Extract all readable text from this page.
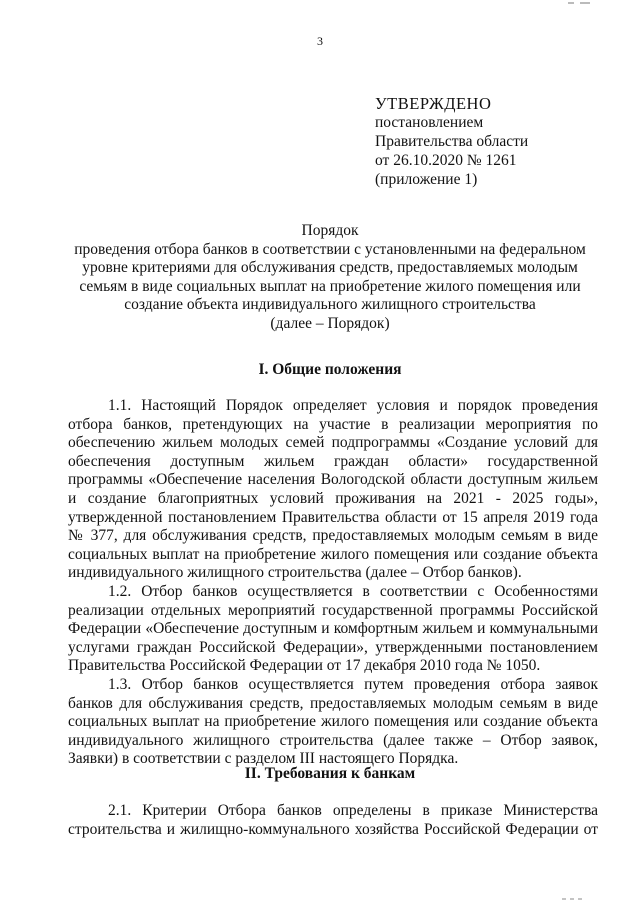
3
УТВЕРЖДЕНО
постановлением
Правительства области
от 26.10.2020 № 1261
(приложение 1)
Порядок
проведения отбора банков в соответствии с установленными на федеральном
уровне критериями для обслуживания средств, предоставляемых молодым
семьям в виде социальных выплат на приобретение жилого помещения или
создание объекта индивидуального жилищного строительства
(далее – Порядок)
I. Общие положения

1.1. Настоящий Порядок определяет условия и порядок проведения отбора банков, претендующих на участие в реализации мероприятия по обеспечению жильем молодых семей подпрограммы «Создание условий для обеспечения доступным жильем граждан области» государственной программы «Обеспечение населения Вологодской области доступным жильем и создание благоприятных условий проживания на 2021 - 2025 годы», утвержденной постановлением Правительства области от 15 апреля 2019 года № 377, для обслуживания средств, предоставляемых молодым семьям в виде социальных выплат на приобретение жилого помещения или создание объекта индивидуального жилищного строительства (далее – Отбор банков).

1.2. Отбор банков осуществляется в соответствии с Особенностями реализации отдельных мероприятий государственной программы Российской Федерации «Обеспечение доступным и комфортным жильем и коммунальными услугами граждан Российской Федерации», утвержденными постановлением Правительства Российской Федерации от 17 декабря 2010 года № 1050.

1.3. Отбор банков осуществляется путем проведения отбора заявок банков для обслуживания средств, предоставляемых молодым семьям в виде социальных выплат на приобретение жилого помещения или создание объекта индивидуального жилищного строительства (далее также – Отбор заявок, Заявки) в соответствии с разделом III настоящего Порядка.

II. Требования к банкам

2.1. Критерии Отбора банков определены в приказе Министерства строительства и жилищно-коммунального хозяйства Российской Федерации от
